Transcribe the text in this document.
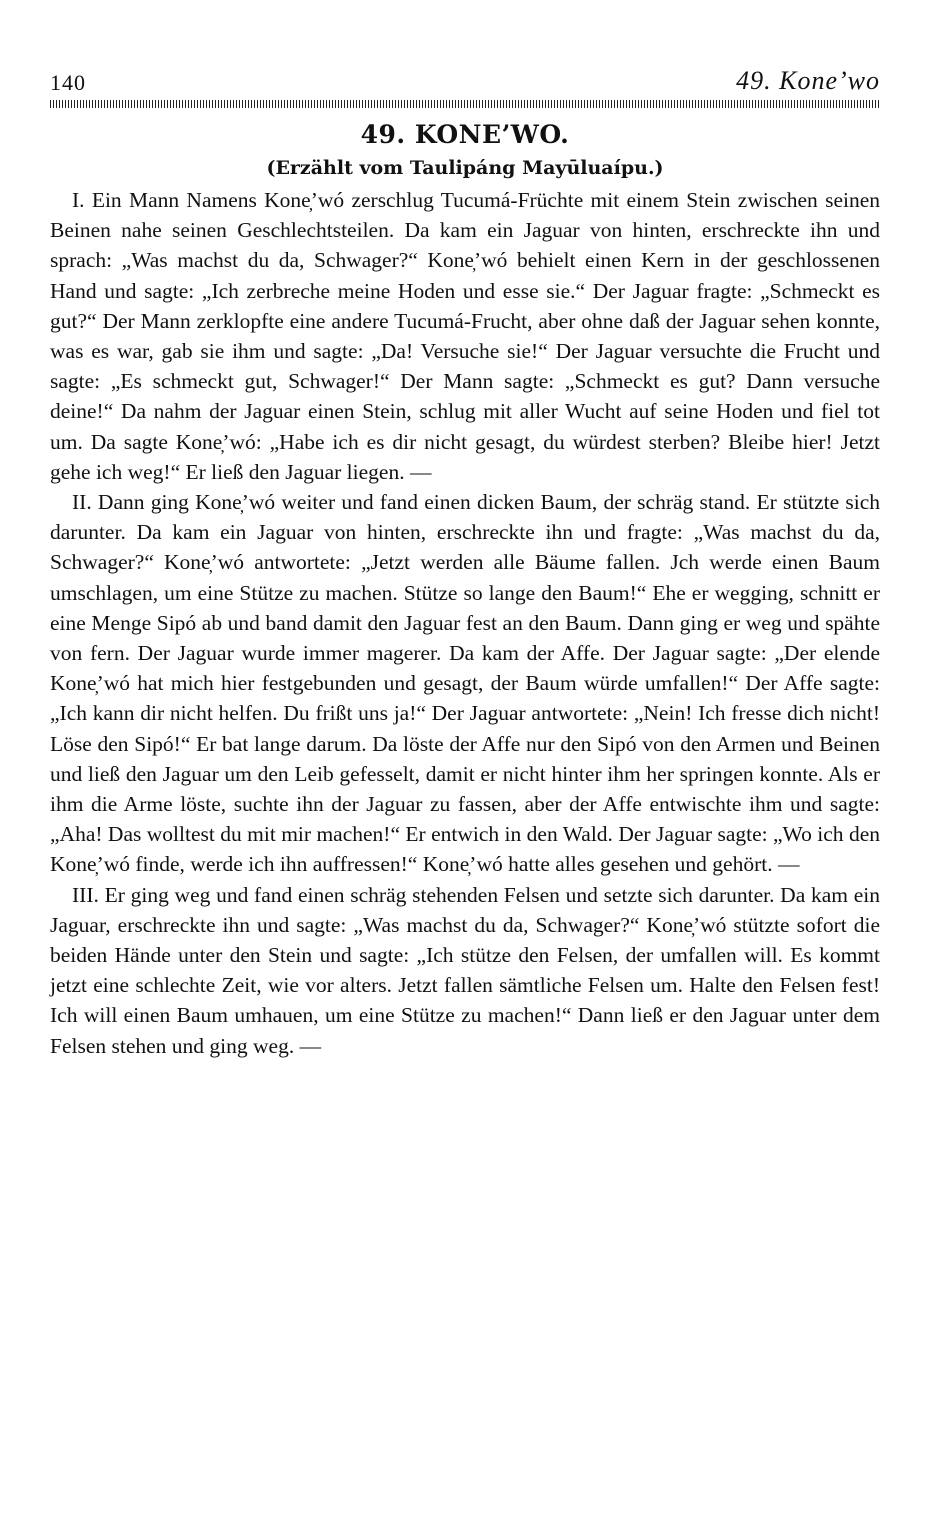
140	49. Kone’wo
49. KONE’WO.
(Erzählt vom Taulipáng Mayūluaípu.)

I. Ein Mann Namens Kone̦’wó zerschlug Tucumá-Früchte mit einem Stein zwischen seinen Beinen nahe seinen Geschlechtsteilen. Da kam ein Jaguar von hinten, erschreckte ihn und sprach: „Was machst du da, Schwager?“ Kone̦’wó behielt einen Kern in der geschlossenen Hand und sagte: „Ich zerbreche meine Hoden und esse sie.“ Der Jaguar fragte: „Schmeckt es gut?“ Der Mann zerklopfte eine andere Tucumá-Frucht, aber ohne daß der Jaguar sehen konnte, was es war, gab sie ihm und sagte: „Da! Versuche sie!“ Der Jaguar versuchte die Frucht und sagte: „Es schmeckt gut, Schwager!“ Der Mann sagte: „Schmeckt es gut? Dann versuche deine!“ Da nahm der Jaguar einen Stein, schlug mit aller Wucht auf seine Hoden und fiel tot um. Da sagte Kone̦’wó: „Habe ich es dir nicht gesagt, du würdest sterben? Bleibe hier! Jetzt gehe ich weg!“ Er ließ den Jaguar liegen. —

II. Dann ging Kone̦’wó weiter und fand einen dicken Baum, der schräg stand. Er stützte sich darunter. Da kam ein Jaguar von hinten, erschreckte ihn und fragte: „Was machst du da, Schwager?“ Kone̦’wó antwortete: „Jetzt werden alle Bäume fallen. Jch werde einen Baum umschlagen, um eine Stütze zu machen. Stütze so lange den Baum!“ Ehe er wegging, schnitt er eine Menge Sipó ab und band damit den Jaguar fest an den Baum. Dann ging er weg und spähte von fern. Der Jaguar wurde immer magerer. Da kam der Affe. Der Jaguar sagte: „Der elende Kone̦’wó hat mich hier festgebunden und gesagt, der Baum würde umfallen!“ Der Affe sagte: „Ich kann dir nicht helfen. Du frißt uns ja!“ Der Jaguar antwortete: „Nein! Ich fresse dich nicht! Löse den Sipó!“ Er bat lange darum. Da löste der Affe nur den Sipó von den Armen und Beinen und ließ den Jaguar um den Leib gefesselt, damit er nicht hinter ihm her springen konnte. Als er ihm die Arme löste, suchte ihn der Jaguar zu fassen, aber der Affe entwischte ihm und sagte: „Aha! Das wolltest du mit mir machen!“ Er entwich in den Wald. Der Jaguar sagte: „Wo ich den Kone̦’wó finde, werde ich ihn auffressen!“ Kone̦’wó hatte alles gesehen und gehört. —

III. Er ging weg und fand einen schräg stehenden Felsen und setzte sich darunter. Da kam ein Jaguar, erschreckte ihn und sagte: „Was machst du da, Schwager?“ Kone̦’wó stützte sofort die beiden Hände unter den Stein und sagte: „Ich stütze den Felsen, der umfallen will. Es kommt jetzt eine schlechte Zeit, wie vor alters. Jetzt fallen sämtliche Felsen um. Halte den Felsen fest! Ich will einen Baum umhauen, um eine Stütze zu machen!“ Dann ließ er den Jaguar unter dem Felsen stehen und ging weg. —
